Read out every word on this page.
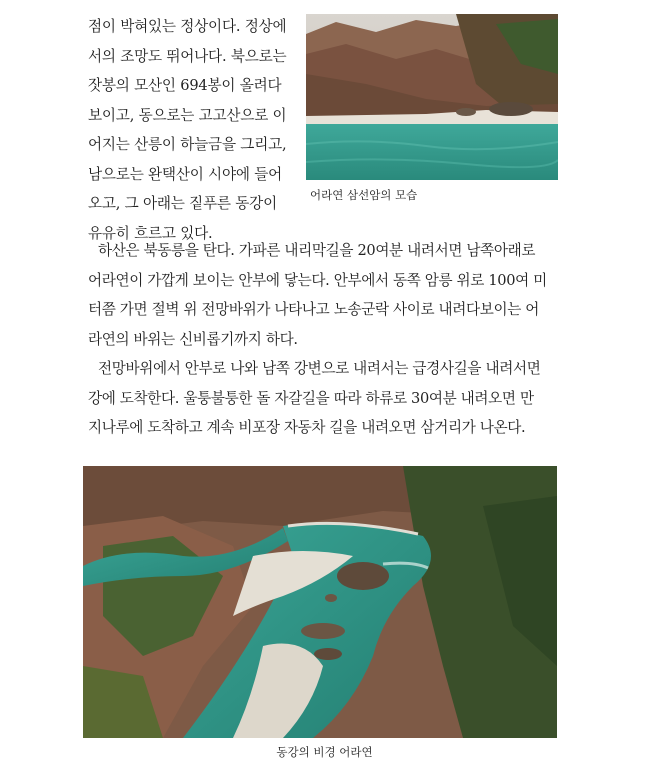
점이 박혀있는 정상이다. 정상에
서의 조망도 뛰어나다. 북으로는
잣봉의 모산인 694봉이 올려다
보이고, 동으로는 고고산으로 이
어지는 산릉이 하늘금을 그리고,
남으로는 완택산이 시야에 들어
오고, 그 아래는 짙푸른 동강이
유유히 흐르고 있다.
어라연 삼선암의 모습
하산은 북동릉을 탄다. 가파른 내리막길을 20여분 내려서면 남쪽아래로
어라연이 가깝게 보이는 안부에 닿는다. 안부에서 동쪽 암릉 위로 100여 미
터쯤 가면 절벽 위 전망바위가 나타나고 노송군락 사이로 내려다보이는 어
라연의 바위는 신비롭기까지 하다.
전망바위에서 안부로 나와 남쪽 강변으로 내려서는 급경사길을 내려서면
강에 도착한다. 울퉁불퉁한 돌 자갈길을 따라 하류로 30여분 내려오면 만
지나루에 도착하고 계속 비포장 자동차 길을 내려오면 삼거리가 나온다.
동강의 비경 어라연
